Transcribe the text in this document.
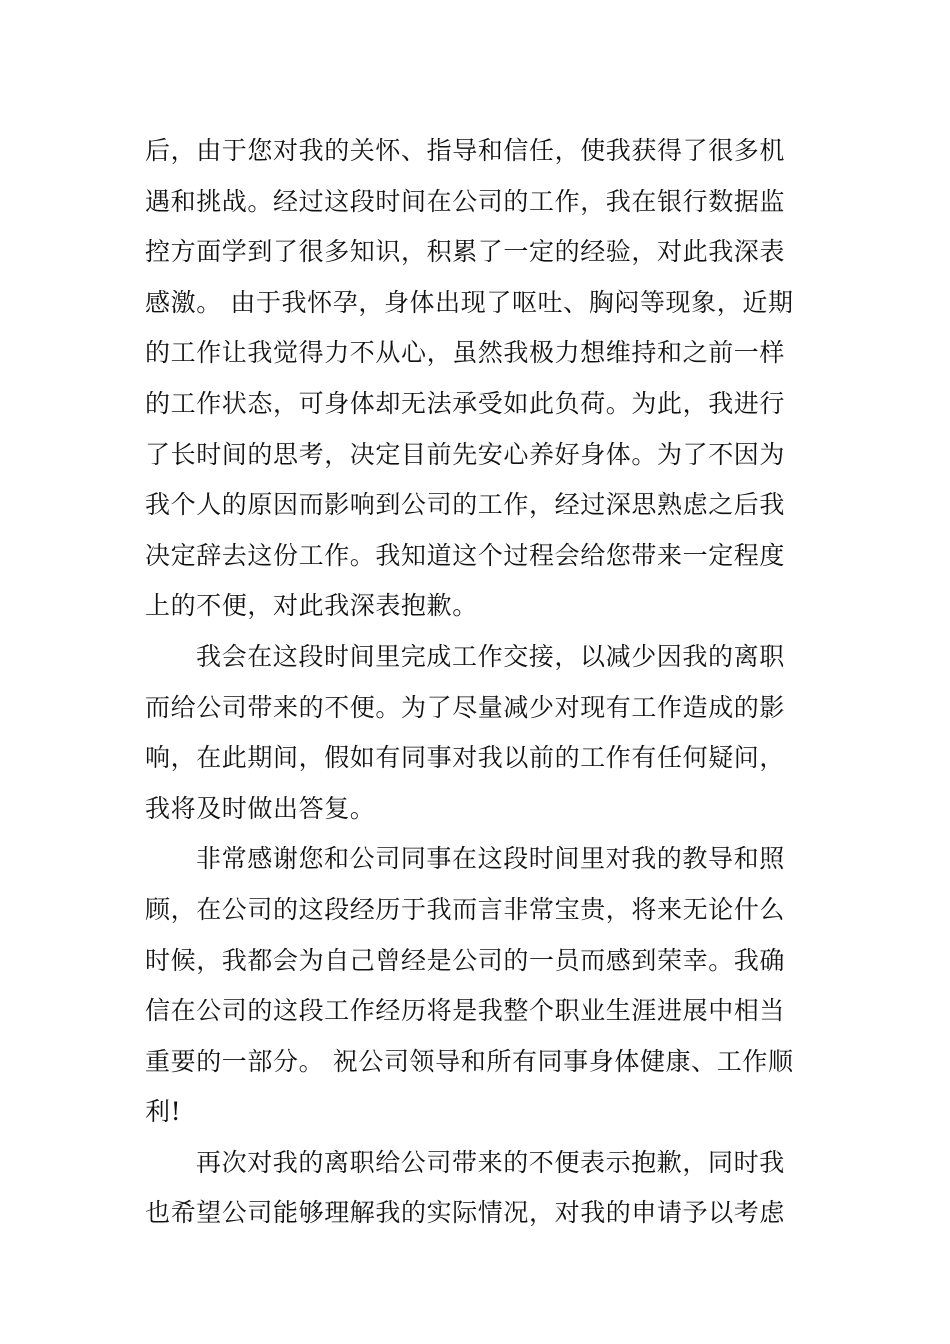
后，由于您对我的关怀、指导和信任，使我获得了很多机
遇和挑战。经过这段时间在公司的工作，我在银行数据监
控方面学到了很多知识，积累了一定的经验，对此我深表
感激。 由于我怀孕，身体出现了呕吐、胸闷等现象，近期
的工作让我觉得力不从心，虽然我极力想维持和之前一样
的工作状态，可身体却无法承受如此负荷。为此，我进行
了长时间的思考，决定目前先安心养好身体。为了不因为
我个人的原因而影响到公司的工作，经过深思熟虑之后我
决定辞去这份工作。我知道这个过程会给您带来一定程度
上的不便，对此我深表抱歉。
我会在这段时间里完成工作交接，以减少因我的离职
而给公司带来的不便。为了尽量减少对现有工作造成的影
响，在此期间，假如有同事对我以前的工作有任何疑问，
我将及时做出答复。
非常感谢您和公司同事在这段时间里对我的教导和照
顾，在公司的这段经历于我而言非常宝贵，将来无论什么
时候，我都会为自己曾经是公司的一员而感到荣幸。我确
信在公司的这段工作经历将是我整个职业生涯进展中相当
重要的一部分。 祝公司领导和所有同事身体健康、工作顺
利!
再次对我的离职给公司带来的不便表示抱歉，同时我
也希望公司能够理解我的实际情况，对我的申请予以考虑
